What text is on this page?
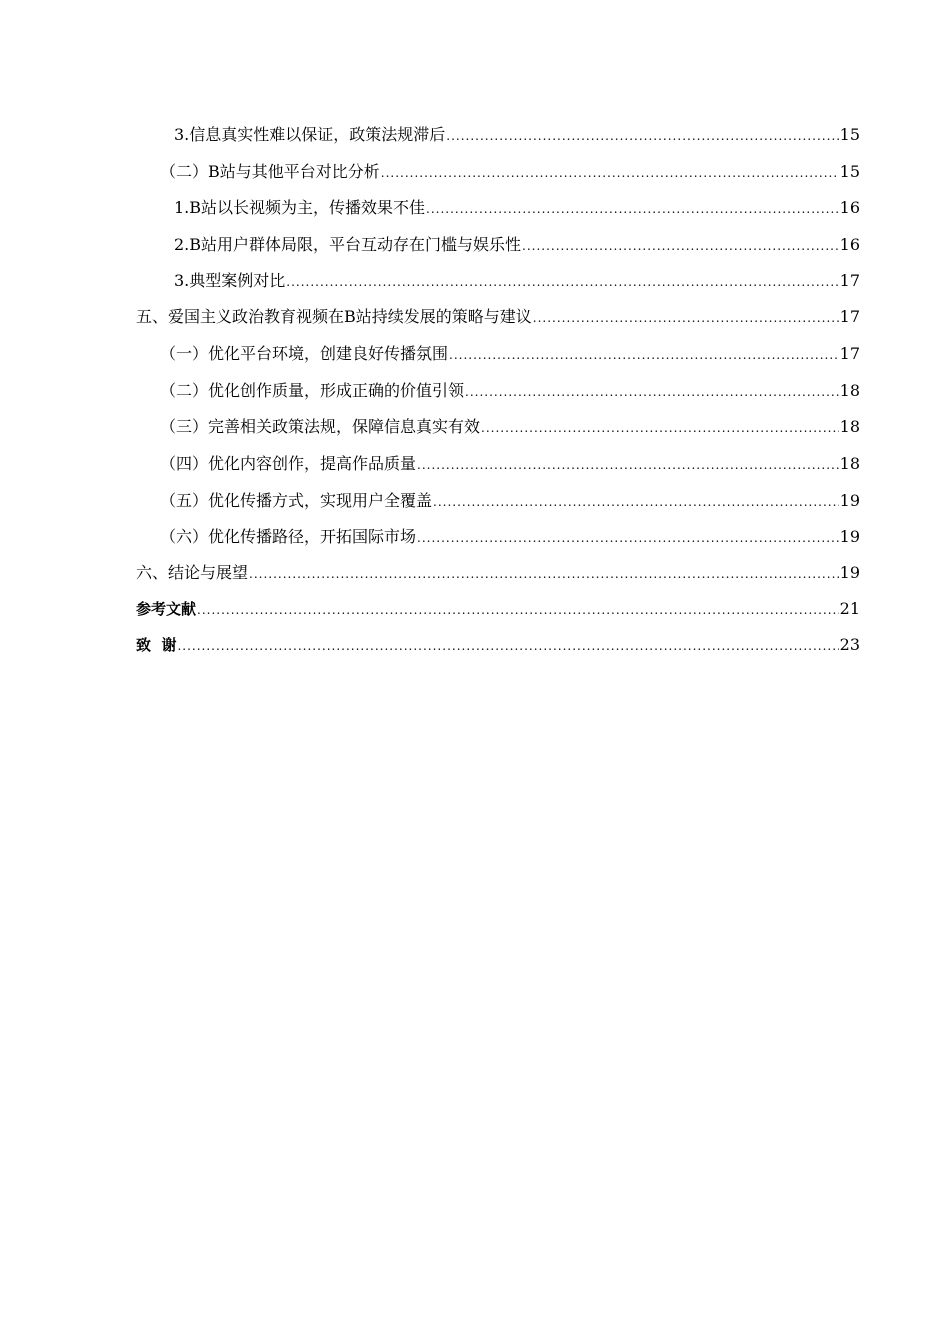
3.信息真实性难以保证，政策法规滞后 .....	15
（二）B站与其他平台对比分析 .....	15
1.B站以长视频为主，传播效果不佳 .....	16
2.B站用户群体局限，平台互动存在门槛与娱乐性 .....	16
3.典型案例对比 .....	17
五、爱国主义政治教育视频在B站持续发展的策略与建议 .....	17
（一）优化平台环境，创建良好传播氛围 .....	17
（二）优化创作质量，形成正确的价值引领 .....	18
（三）完善相关政策法规，保障信息真实有效 .....	18
（四）优化内容创作，提高作品质量 .....	18
（五）优化传播方式，实现用户全覆盖 .....	19
（六）优化传播路径，开拓国际市场 .....	19
六、结论与展望 .....	19
参考文献 .....	21
致  谢 .....	23
